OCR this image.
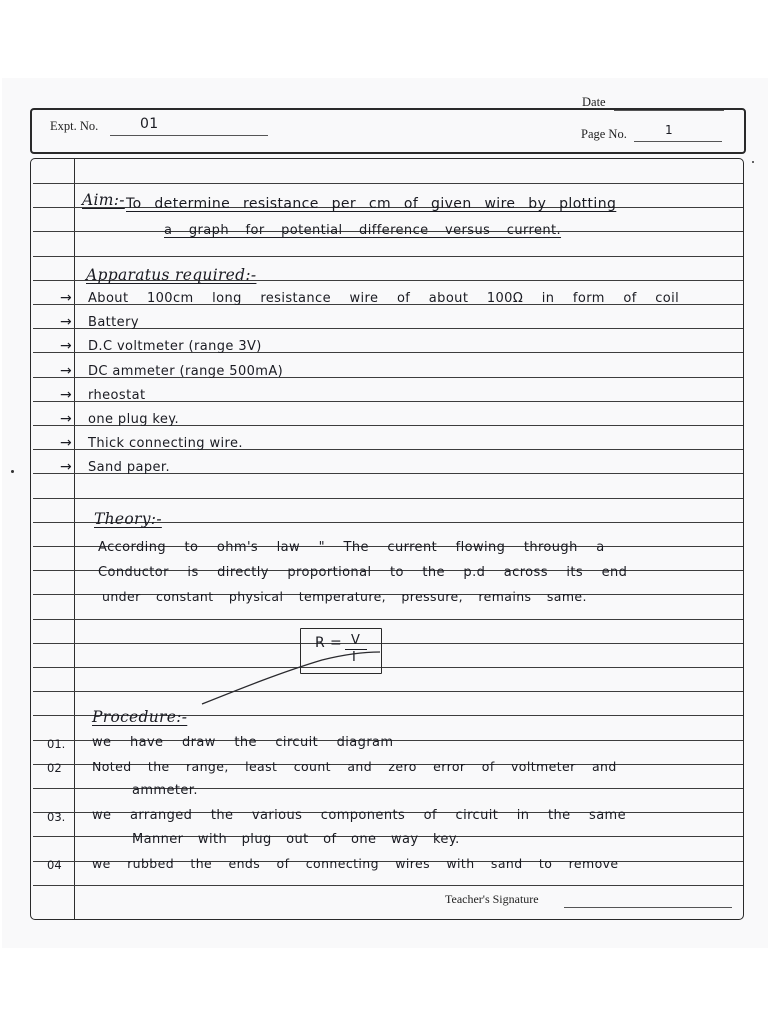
Date
Expt. No.	01
Page No.	1
Aim:- To determine resistance per cm of given wire by plotting
a graph for potential difference versus current.
Apparatus required:-
→ About 100cm long resistance wire of about 100Ω in form of coil
→ Battery
→ D.C voltmeter (range 3V)
→ DC ammeter (range 500mA)
→ rheostat
→ one plug key.
→ Thick connecting wire.
→ Sand paper.
Theory:-
According to ohm's law " The current flowing through a
Conductor is directly proportional to the p.d across its end
under constant physical temperature, pressure, remains same.
R = V
I
Procedure:-
01. we have draw the circuit diagram
02 Noted the range, least count and zero error of voltmeter and
ammeter.
03. we arranged the various components of circuit in the same
Manner with plug out of one way key.
04 we rubbed the ends of connecting wires with sand to remove
Teacher's Signature
